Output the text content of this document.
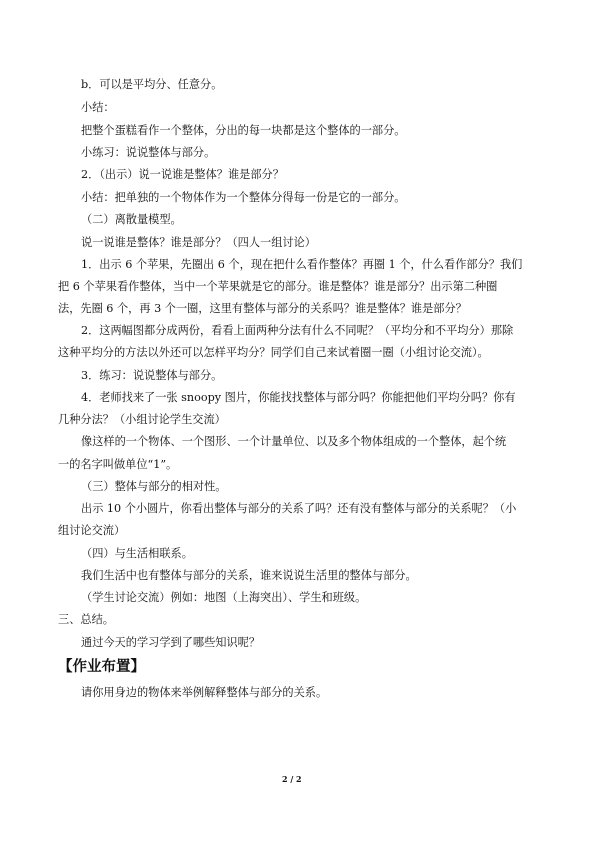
b．可以是平均分、任意分。
小结：
把整个蛋糕看作一个整体，分出的每一块都是这个整体的一部分。
小练习：说说整体与部分。
2．（出示）说一说谁是整体？谁是部分？
小结：把单独的一个物体作为一个整体分得每一份是它的一部分。
（二）离散量模型。
说一说谁是整体？谁是部分？（四人一组讨论）
1．出示 6 个苹果，先圈出 6 个，现在把什么看作整体？再圈 1 个，什么看作部分？我们
把 6 个苹果看作整体，当中一个苹果就是它的部分。谁是整体？谁是部分？出示第二种圈
法，先圈 6 个，再 3 个一圈，这里有整体与部分的关系吗？谁是整体？谁是部分？
2．这两幅图都分成两份，看看上面两种分法有什么不同呢？（平均分和不平均分）那除
这种平均分的方法以外还可以怎样平均分？同学们自己来试着圈一圈（小组讨论交流）。
3．练习：说说整体与部分。
4．老师找来了一张 snoopy 图片，你能找找整体与部分吗？你能把他们平均分吗？你有
几种分法？（小组讨论学生交流）
像这样的一个物体、一个图形、一个计量单位、以及多个物体组成的一个整体，起个统
一的名字叫做单位“1”。
（三）整体与部分的相对性。
出示 10 个小圆片，你看出整体与部分的关系了吗？还有没有整体与部分的关系呢？（小
组讨论交流）
（四）与生活相联系。
我们生活中也有整体与部分的关系，谁来说说生活里的整体与部分。
（学生讨论交流）例如：地图（上海突出）、学生和班级。
三、总结。
通过今天的学习学到了哪些知识呢？
【作业布置】
请你用身边的物体来举例解释整体与部分的关系。
2 / 2
